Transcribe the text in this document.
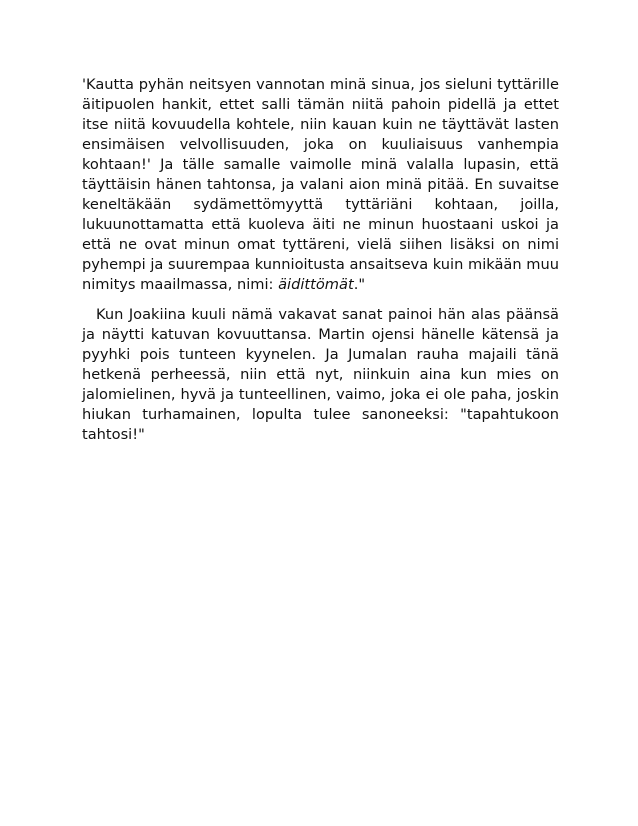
'Kautta pyhän neitsyen vannotan minä sinua, jos sieluni tyttärille äitipuolen hankit, ettet salli tämän niitä pahoin pidellä ja ettet itse niitä kovuudella kohtele, niin kauan kuin ne täyttävät lasten ensimäisen velvollisuuden, joka on kuuliaisuus vanhempia kohtaan!' Ja tälle samalle vaimolle minä valalla lupasin, että täyttäisin hänen tahtonsa, ja valani aion minä pitää. En suvaitse keneltäkään sydämettömyyttä tyttäriäni kohtaan, joilla, lukuunottamatta että kuoleva äiti ne minun huostaani uskoi ja että ne ovat minun omat tyttäreni, vielä siihen lisäksi on nimi pyhempi ja suurempaa kunnioitusta ansaitseva kuin mikään muu nimitys maailmassa, nimi: äidittömät."

Kun Joakiina kuuli nämä vakavat sanat painoi hän alas päänsä ja näytti katuvan kovuuttansa. Martin ojensi hänelle kätensä ja pyyhki pois tunteen kyynelen. Ja Jumalan rauha majaili tänä hetkenä perheessä, niin että nyt, niinkuin aina kun mies on jalomielinen, hyvä ja tunteellinen, vaimo, joka ei ole paha, joskin hiukan turhamainen, lopulta tulee sanoneeksi: "tapahtukoon tahtosi!"
